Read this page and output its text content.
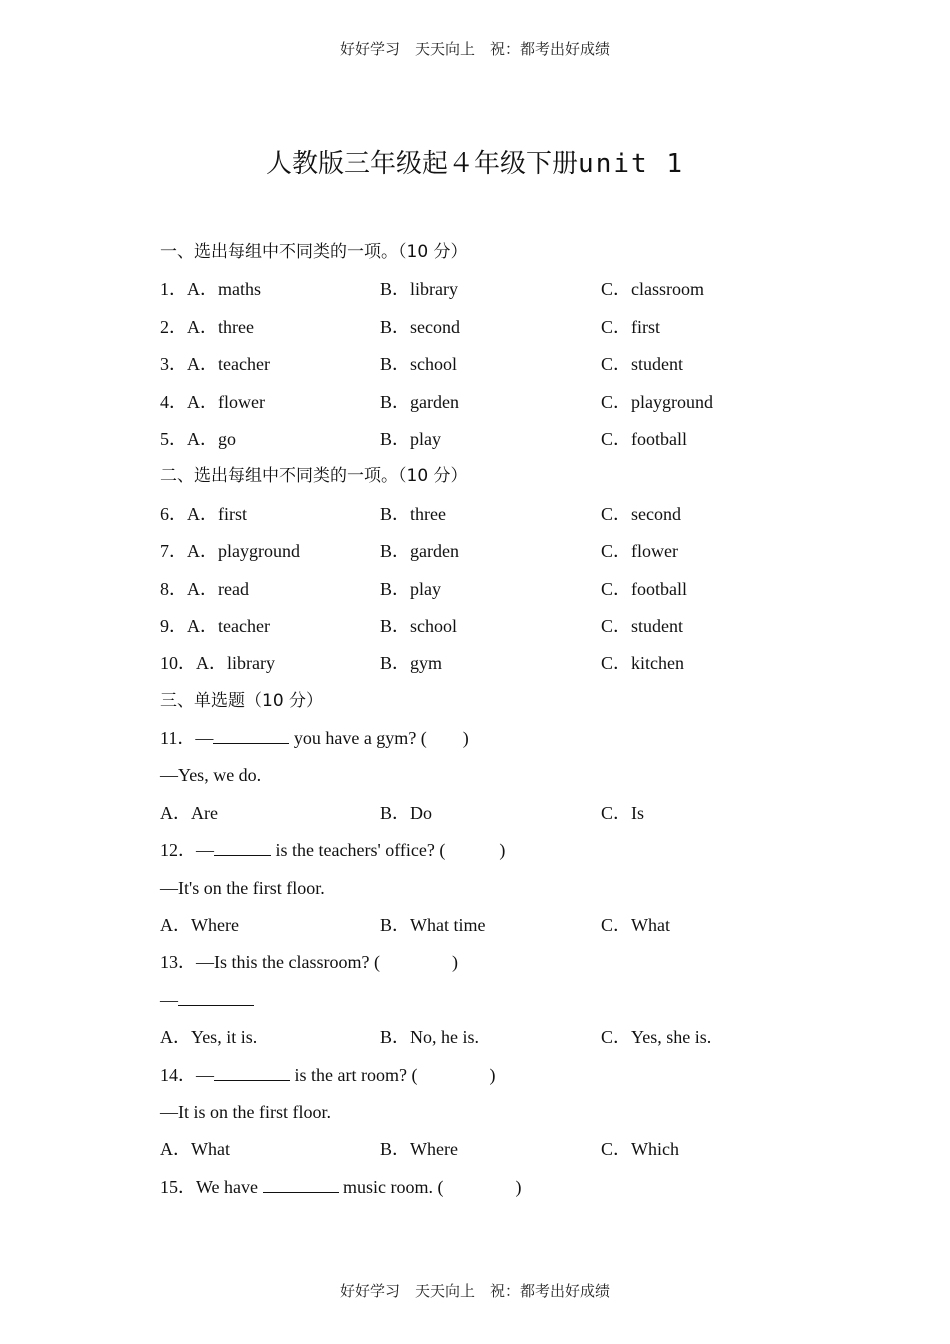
好好学习　天天向上　祝：都考出好成绩
人教版三年级起４年级下册unit 1
一、选出每组中不同类的一项。（10 分）
1．A．maths	B．library	C．classroom
2．A．three	B．second	C．first
3．A．teacher	B．school	C．student
4．A．flower	B．garden	C．playground
5．A．go	B．play	C．football
二、选出每组中不同类的一项。（10 分）
6．A．first	B．three	C．second
7．A．playground	B．garden	C．flower
8．A．read	B．play	C．football
9．A．teacher	B．school	C．student
10．A．library	B．gym	C．kitchen
三、单选题（10 分）
11．—	you have a gym? (　　)
—Yes, we do.
A．Are	B．Do	C．Is
12．—	is the teachers' office? (　　　)
—It's on the first floor.
A．Where	B．What time	C．What
13．—Is this the classroom? (　　　　)
—
A．Yes, it is.	B．No, he is.	C．Yes, she is.
14．—	is the art room? (　　　　)
—It is on the first floor.
A．What	B．Where	C．Which
15．We have	music room. (　　　　)
好好学习　天天向上　祝：都考出好成绩
